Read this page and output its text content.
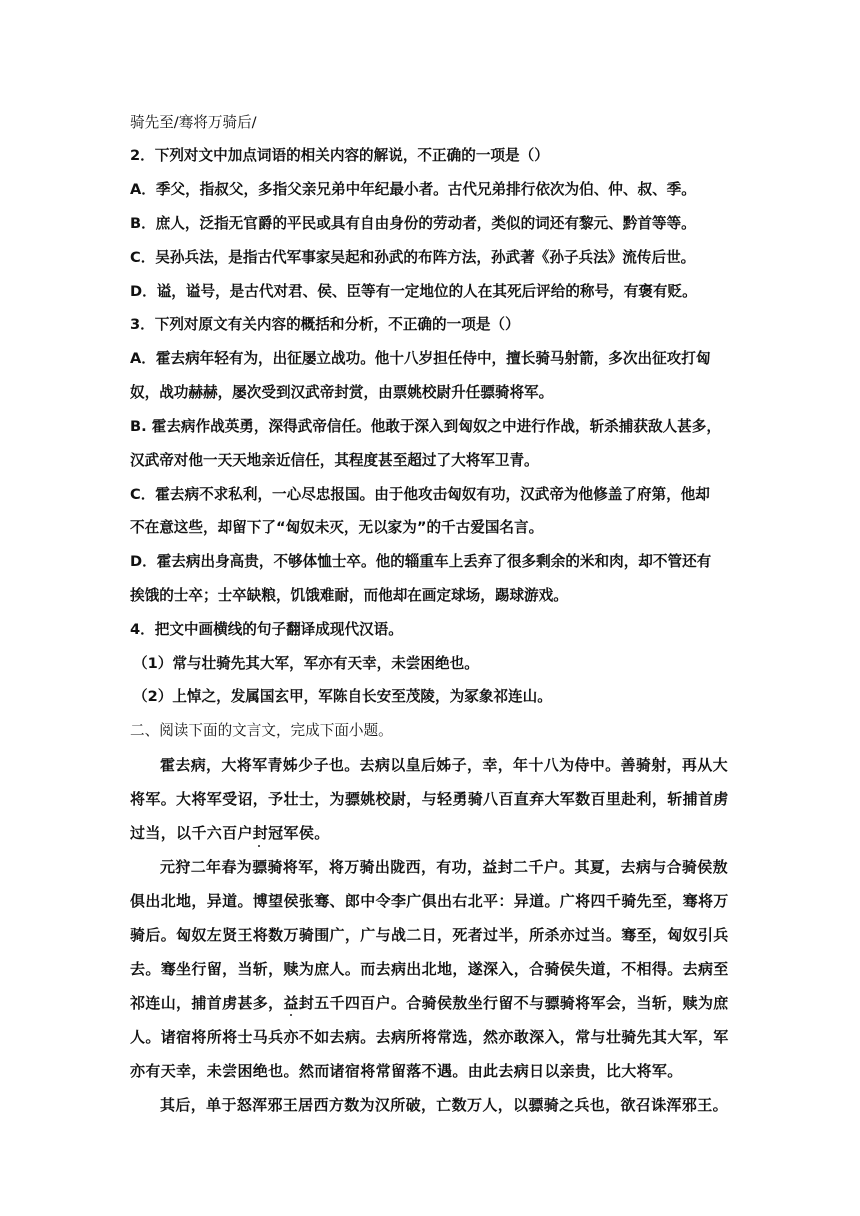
骑先至/骞将万骑后/
2．下列对文中加点词语的相关内容的解说，不正确的一项是（）
A．季父，指叔父，多指父亲兄弟中年纪最小者。古代兄弟排行依次为伯、仲、叔、季。
B．庶人，泛指无官爵的平民或具有自由身份的劳动者，类似的词还有黎元、黔首等等。
C．吴孙兵法，是指古代军事家吴起和孙武的布阵方法，孙武著《孙子兵法》流传后世。
D．谥，谥号，是古代对君、侯、臣等有一定地位的人在其死后评给的称号，有褒有贬。
3．下列对原文有关内容的概括和分析，不正确的一项是（）
A．霍去病年轻有为，出征屡立战功。他十八岁担任侍中，擅长骑马射箭，多次出征攻打匈
奴，战功赫赫，屡次受到汉武帝封赏，由票姚校尉升任骠骑将军。
B. 霍去病作战英勇，深得武帝信任。他敢于深入到匈奴之中进行作战，斩杀捕获敌人甚多，
汉武帝对他一天天地亲近信任，其程度甚至超过了大将军卫青。
C．霍去病不求私利，一心尽忠报国。由于他攻击匈奴有功，汉武帝为他修盖了府第，他却
不在意这些，却留下了“匈奴未灭，无以家为”的千古爱国名言。
D．霍去病出身高贵，不够体恤士卒。他的辎重车上丢弃了很多剩余的米和肉，却不管还有
挨饿的士卒；士卒缺粮，饥饿难耐，而他却在画定球场，踢球游戏。
4．把文中画横线的句子翻译成现代汉语。
（1）常与壮骑先其大军，军亦有天幸，未尝困绝也。
（2）上悼之，发属国玄甲，军陈自长安至茂陵，为冢象祁连山。
二、阅读下面的文言文，完成下面小题。
霍去病，大将军青姊少子也。去病以皇后姊子，幸，年十八为侍中。善骑射，再从大
将军。大将军受诏，予壮士，为骠姚校尉，与轻勇骑八百直弃大军数百里赴利，斩捕首虏
过当，以千六百户封冠军侯。
元狩二年春为骠骑将军，将万骑出陇西，有功，益封二千户。其夏，去病与合骑侯敖
俱出北地，异道。博望侯张骞、郎中令李广俱出右北平：异道。广将四千骑先至，骞将万
骑后。匈奴左贤王将数万骑围广，广与战二日，死者过半，所杀亦过当。骞至，匈奴引兵
去。骞坐行留，当斩，赎为庶人。而去病出北地，遂深入，合骑侯失道，不相得。去病至
祁连山，捕首虏甚多，益封五千四百户。合骑侯敖坐行留不与骠骑将军会，当斩，赎为庶
人。诸宿将所将士马兵亦不如去病。去病所将常选，然亦敢深入，常与壮骑先其大军，军
亦有天幸，未尝困绝也。然而诸宿将常留落不遇。由此去病日以亲贵，比大将军。
其后，单于怒浑邪王居西方数为汉所破，亡数万人，以骠骑之兵也，欲召诛浑邪王。
